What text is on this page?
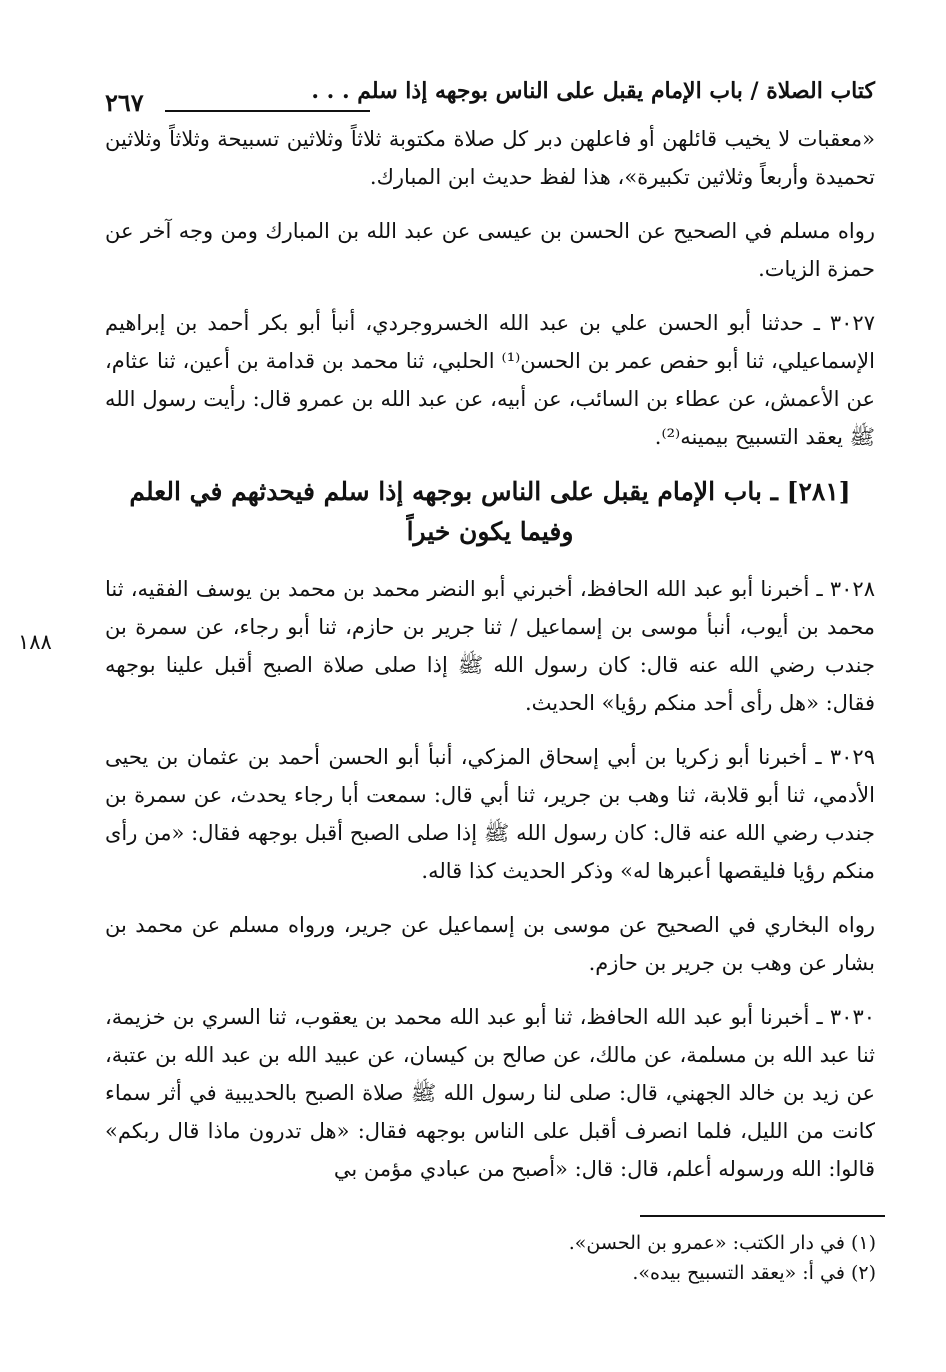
كتاب الصلاة / باب الإمام يقبل على الناس بوجهه إذا سلم . . .
٢٦٧

«معقبات لا يخيب قائلهن أو فاعلهن دبر كل صلاة مكتوبة ثلاثاً وثلاثين تسبيحة وثلاثاً وثلاثين تحميدة وأربعاً وثلاثين تكبيرة»، هذا لفظ حديث ابن المبارك.

رواه مسلم في الصحيح عن الحسن بن عيسى عن عبد الله بن المبارك ومن وجه آخر عن حمزة الزيات.

٣٠٢٧ ـ حدثنا أبو الحسن علي بن عبد الله الخسروجردي، أنبأ أبو بكر أحمد بن إبراهيم الإسماعيلي، ثنا أبو حفص عمر بن الحسن⁽¹⁾ الحلبي، ثنا محمد بن قدامة بن أعين، ثنا عثام، عن الأعمش، عن عطاء بن السائب، عن أبيه، عن عبد الله بن عمرو قال: رأيت رسول الله ﷺ يعقد التسبيح بيمينه⁽²⁾.

[٢٨١] ـ باب الإمام يقبل على الناس بوجهه إذا سلم فيحدثهم في العلم وفيما يكون خيراً

٣٠٢٨ ـ أخبرنا أبو عبد الله الحافظ، أخبرني أبو النضر محمد بن محمد بن يوسف الفقيه، ثنا محمد بن أيوب، أنبأ موسى بن إسماعيل / ثنا جرير بن حازم، ثنا أبو رجاء، عن سمرة بن جندب رضي الله عنه قال: كان رسول الله ﷺ إذا صلى صلاة الصبح أقبل علينا بوجهه فقال: «هل رأى أحد منكم رؤيا» الحديث.

٣٠٢٩ ـ أخبرنا أبو زكريا بن أبي إسحاق المزكي، أنبأ أبو الحسن أحمد بن عثمان بن يحيى الأدمي، ثنا أبو قلابة، ثنا وهب بن جرير، ثنا أبي قال: سمعت أبا رجاء يحدث، عن سمرة بن جندب رضي الله عنه قال: كان رسول الله ﷺ إذا صلى الصبح أقبل بوجهه فقال: «من رأى منكم رؤيا فليقصها أعبرها له» وذكر الحديث كذا قاله.

رواه البخاري في الصحيح عن موسى بن إسماعيل عن جرير، ورواه مسلم عن محمد بن بشار عن وهب بن جرير بن حازم.

٣٠٣٠ ـ أخبرنا أبو عبد الله الحافظ، ثنا أبو عبد الله محمد بن يعقوب، ثنا السري بن خزيمة، ثنا عبد الله بن مسلمة، عن مالك، عن صالح بن كيسان، عن عبيد الله بن عبد الله بن عتبة، عن زيد بن خالد الجهني، قال: صلى لنا رسول الله ﷺ صلاة الصبح بالحديبية في أثر سماء كانت من الليل، فلما انصرف أقبل على الناس بوجهه فقال: «هل تدرون ماذا قال ربكم» قالوا: الله ورسوله أعلم، قال: قال: «أصبح من عبادي مؤمن بي

١٨٨

(١) في دار الكتب: «عمرو بن الحسن».

(٢) في أ: «يعقد التسبيح بيده».
